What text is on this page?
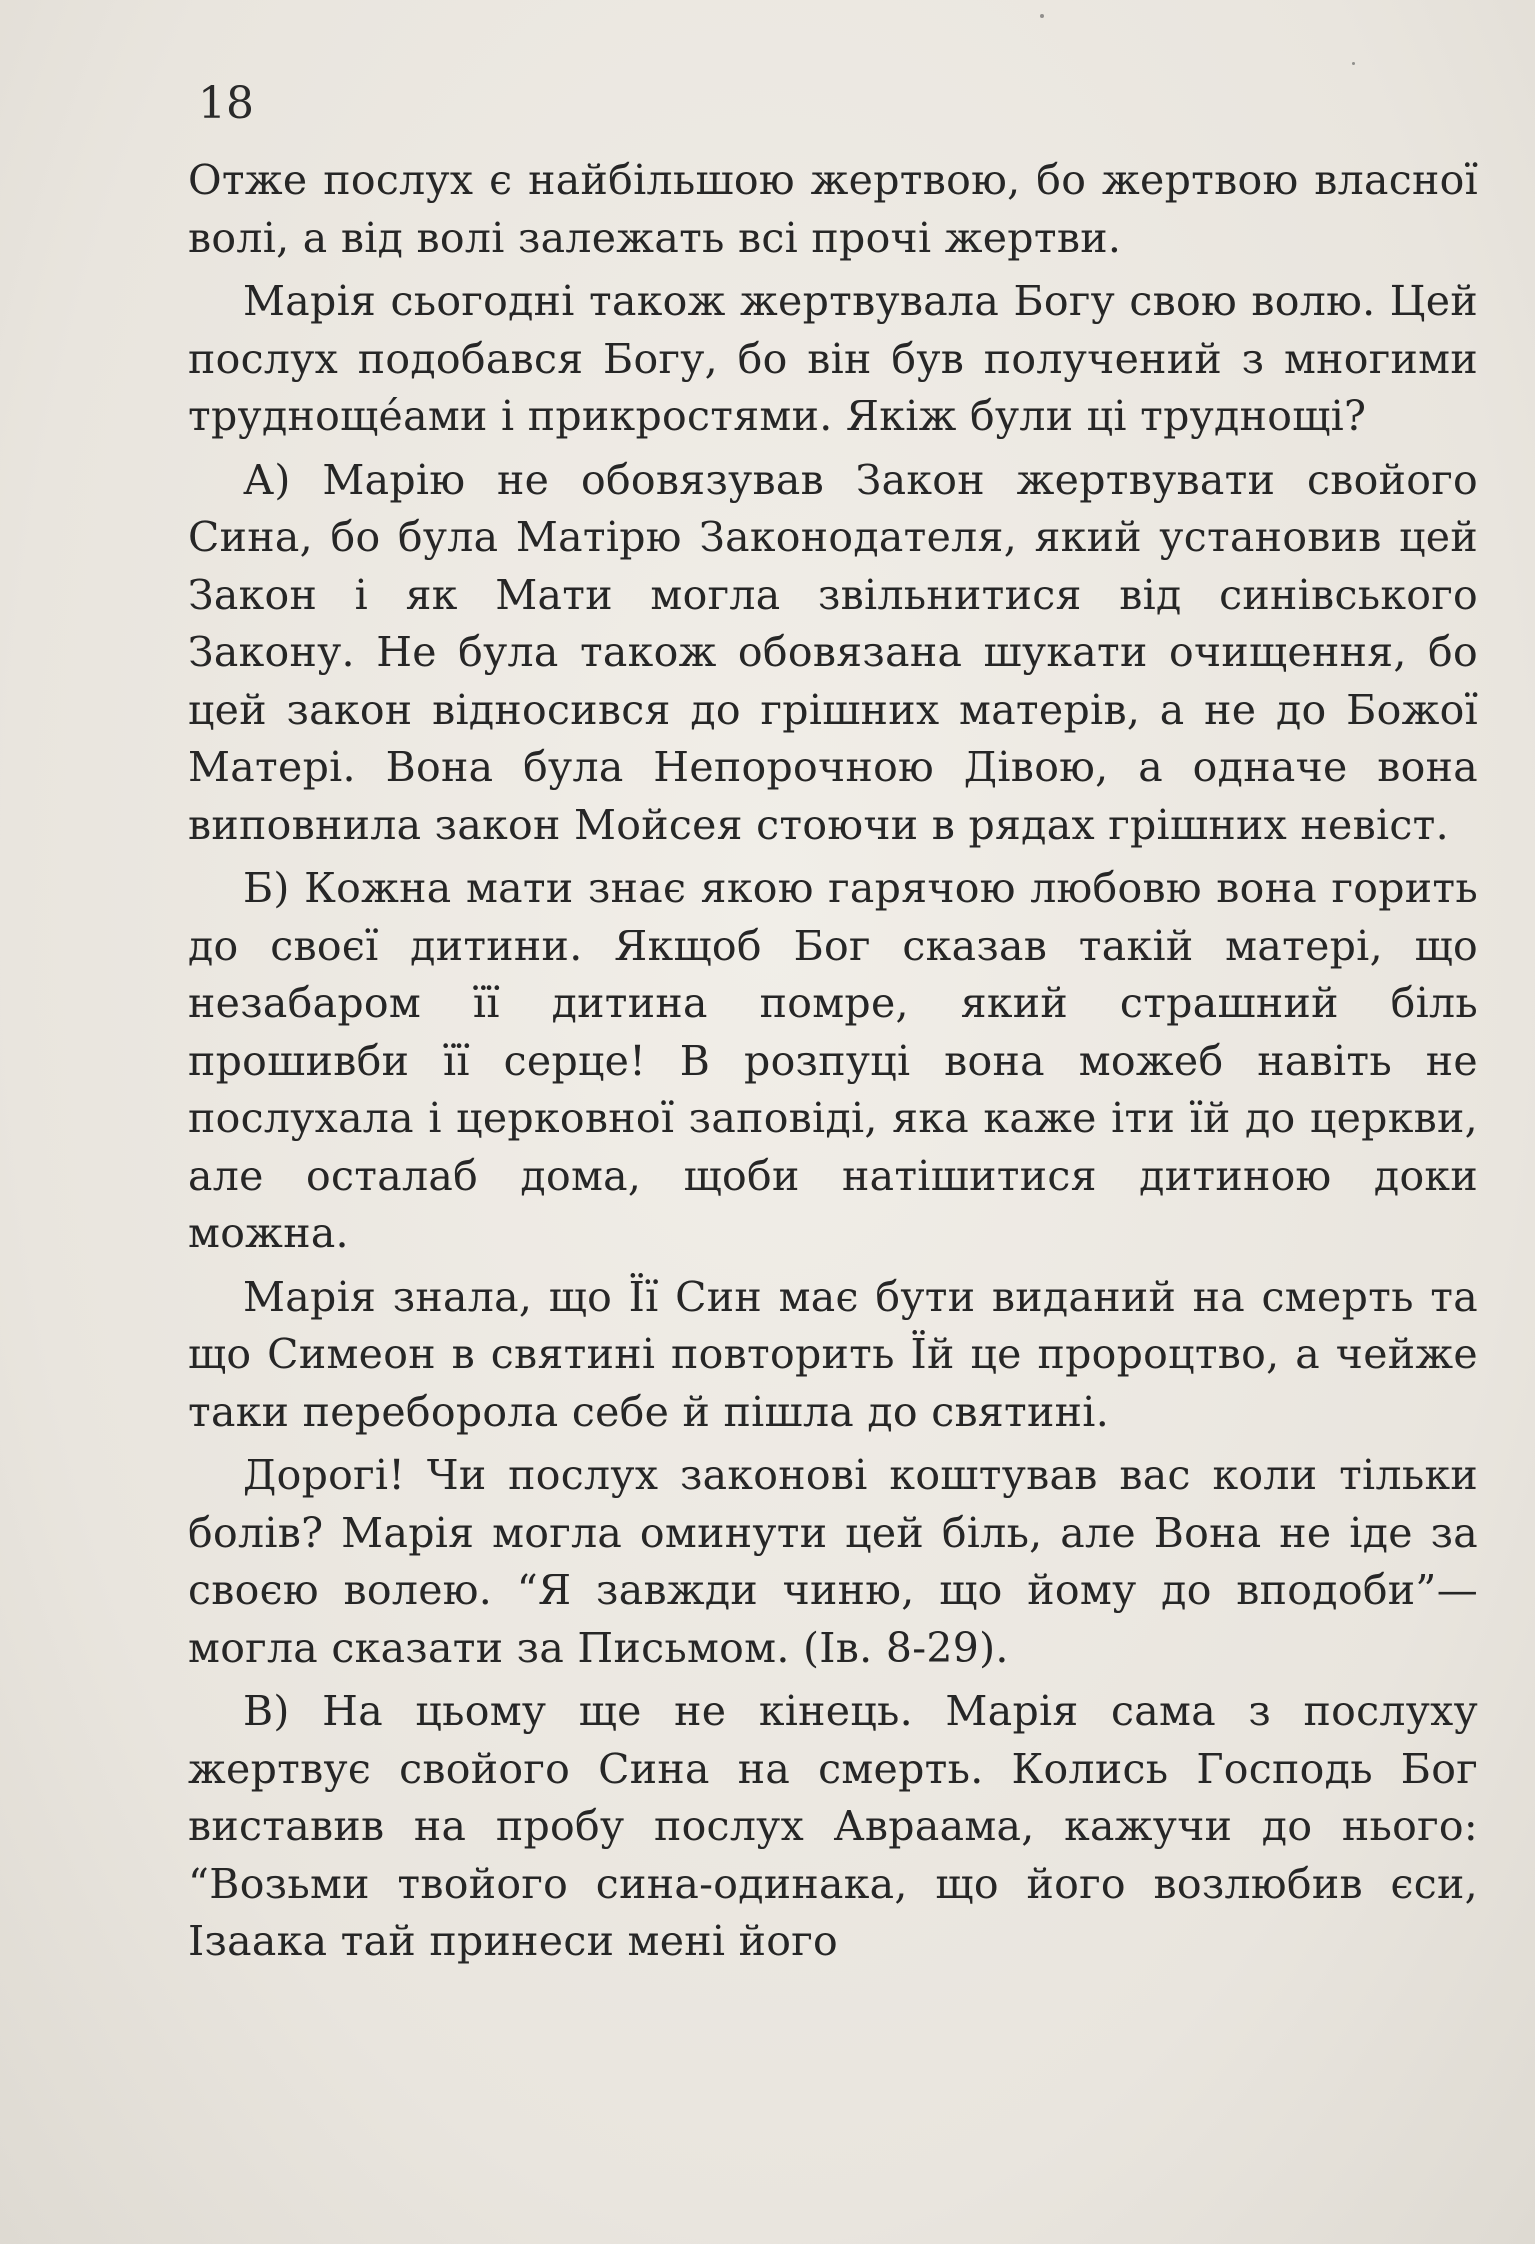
18

Отже послух є найбільшою жертвою, бо жертвою власної волі, а від волі залежать всі прочі жертви.

Марія сьогодні також жертвувала Богу свою волю. Цей послух подобався Богу, бо він був получений з многими трудноще́ами і прикростями. Якіж були ці труднощі?

А) Марію не обовязував Закон жертвувати свойого Сина, бо була Матірю Законодателя, який установив цей Закон і як Мати могла звільнитися від синівського Закону. Не була також обовязана шукати очищення, бо цей закон відносився до грішних матерів, а не до Божої Матері. Вона була Непорочною Дівою, а одначе вона виповнила закон Мойсея стоючи в рядах грішних невіст.

Б) Кожна мати знає якою гарячою любовю вона горить до своєї дитини. Якщоб Бог сказав такій матері, що незабаром її дитина помре, який страшний біль прошивби її серце! В розпуці вона можеб навіть не послухала і церковної заповіді, яка каже іти їй до церкви, але осталаб дома, щоби натішитися дитиною доки можна.

Марія знала, що Її Син має бути виданий на смерть та що Симеон в святині повторить Їй це пророцтво, а чейже таки переборола себе й пішла до святині.

Дорогі! Чи послух законові коштував вас коли тільки болів? Марія могла оминути цей біль, але Вона не іде за своєю волею. “Я завжди чиню, що йому до вподоби”—могла сказати за Письмом. (Ів. 8-29).

В) На цьому ще не кінець. Марія сама з послуху жертвує свойого Сина на смерть. Колись Господь Бог виставив на пробу послух Авраама, кажучи до нього: “Возьми твойого сина-одинака, що його возлюбив єси, Ізаака тай принеси мені його
